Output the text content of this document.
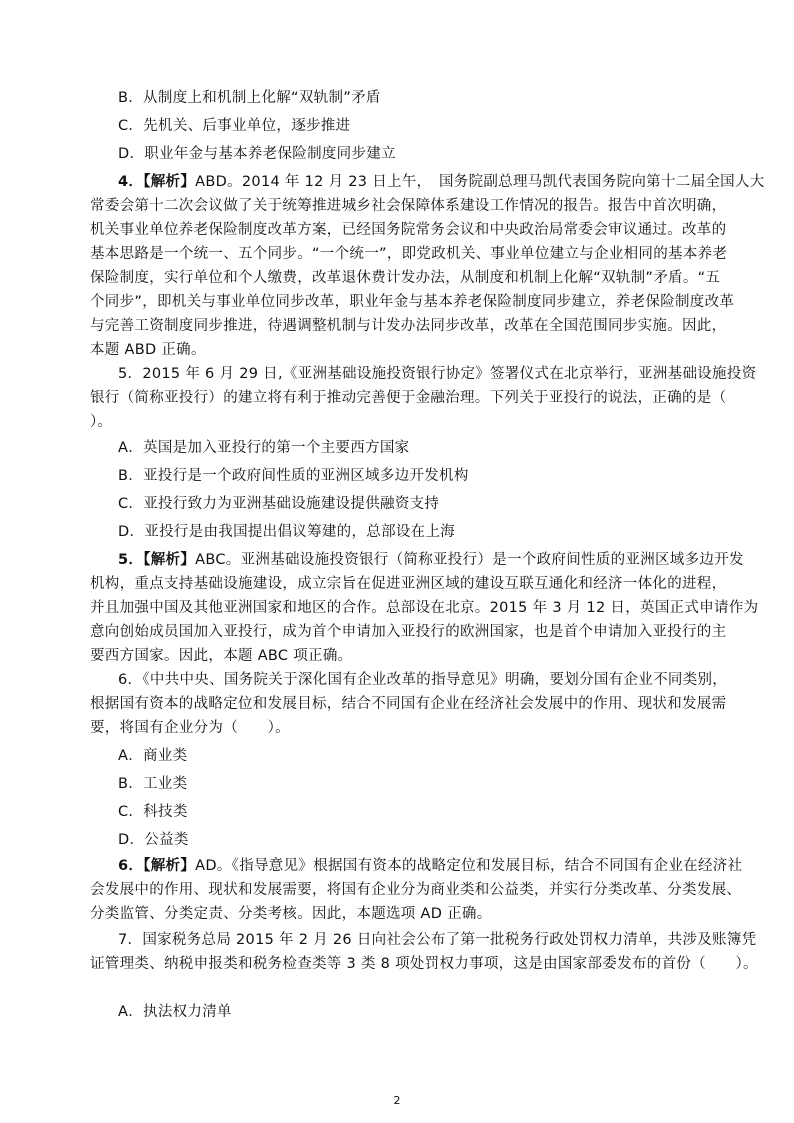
B．从制度上和机制上化解“双轨制”矛盾
C．先机关、后事业单位，逐步推进
D．职业年金与基本养老保险制度同步建立
4．【解析】ABD。2014 年 12 月 23 日上午，　国务院副总理马凯代表国务院向第十二届全国人大
常委会第十二次会议做了关于统筹推进城乡社会保障体系建设工作情况的报告。报告中首次明确，
机关事业单位养老保险制度改革方案，已经国务院常务会议和中央政治局常委会审议通过。改革的
基本思路是一个统一、五个同步。“一个统一”，即党政机关、事业单位建立与企业相同的基本养老
保险制度，实行单位和个人缴费，改革退休费计发办法，从制度和机制上化解“双轨制”矛盾。“五
个同步”，即机关与事业单位同步改革，职业年金与基本养老保险制度同步建立，养老保险制度改革
与完善工资制度同步推进，待遇调整机制与计发办法同步改革，改革在全国范围同步实施。因此，
本题 ABD 正确。
5．2015 年 6 月 29 日,《亚洲基础设施投资银行协定》签署仪式在北京举行，亚洲基础设施投资
银行（简称亚投行）的建立将有利于推动完善便于金融治理。下列关于亚投行的说法，正确的是（
）。
A．英国是加入亚投行的第一个主要西方国家
B．亚投行是一个政府间性质的亚洲区域多边开发机构
C．亚投行致力为亚洲基础设施建设提供融资支持
D．亚投行是由我国提出倡议筹建的，总部设在上海
5．【解析】ABC。亚洲基础设施投资银行（简称亚投行）是一个政府间性质的亚洲区域多边开发
机构，重点支持基础设施建设，成立宗旨在促进亚洲区域的建设互联互通化和经济一体化的进程，
并且加强中国及其他亚洲国家和地区的合作。总部设在北京。2015 年 3 月 12 日，英国正式申请作为
意向创始成员国加入亚投行，成为首个申请加入亚投行的欧洲国家，也是首个申请加入亚投行的主
要西方国家。因此，本题 ABC 项正确。
6．《中共中央、国务院关于深化国有企业改革的指导意见》明确，要划分国有企业不同类别，
根据国有资本的战略定位和发展目标，结合不同国有企业在经济社会发展中的作用、现状和发展需
要，将国有企业分为（　　）。
A．商业类
B．工业类
C．科技类
D．公益类
6．【解析】AD。《指导意见》根据国有资本的战略定位和发展目标，结合不同国有企业在经济社
会发展中的作用、现状和发展需要，将国有企业分为商业类和公益类，并实行分类改革、分类发展、
分类监管、分类定责、分类考核。因此，本题选项 AD 正确。
7．国家税务总局 2015 年 2 月 26 日向社会公布了第一批税务行政处罚权力清单，共涉及账簿凭
证管理类、纳税申报类和税务检查类等 3 类 8 项处罚权力事项，这是由国家部委发布的首份（　　）。
A．执法权力清单
2
